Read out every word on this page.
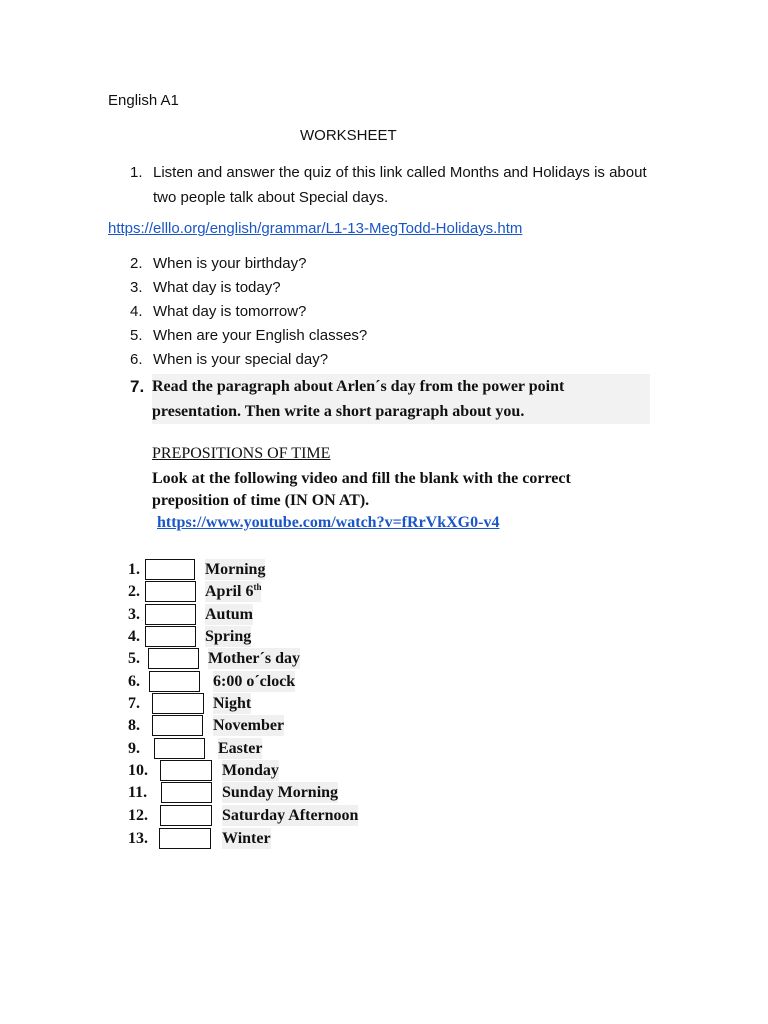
English A1
WORKSHEET
1. Listen and answer the quiz of this link called Months and Holidays is about two people talk about Special days.
https://elllo.org/english/grammar/L1-13-MegTodd-Holidays.htm
2. When is your birthday?
3. What day is today?
4. What day is tomorrow?
5. When are your English classes?
6. When is your special day?
7. Read the paragraph about Arlen´s day from the power point presentation. Then write a short paragraph about you.
PREPOSITIONS OF TIME
Look at the following video and fill the blank with the correct preposition of time (IN ON AT).
https://www.youtube.com/watch?v=fRrVkXG0-v4
1.	Morning
2.	April 6th
3.	Autum
4.	Spring
5.	Mother´s day
6.	6:00 o´clock
7.	Night
8.	November
9.	Easter
10.	Monday
11.	Sunday Morning
12.	Saturday Afternoon
13.	Winter
